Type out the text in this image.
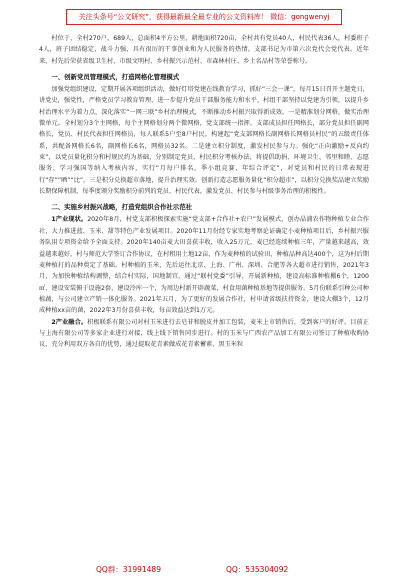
关注头条号“公文研究”，获得最新最全最专业的公文资料库！ 微信：gongwenyj

村位于，全村270户，689人，总面积4平方公里，耕地面积720亩，全村共有党员40人，村民代表36人，村委班子4人，班子团结稳定，战斗力强，具有很厉的干事创业和为人民服务的热情。支部书记为市第六次党代会党代表。近年来，村先后荣获省级卫生村、市级文明村、乡村振兴示范村、市森林村庄、乡土名品村等荣誉称号。

一、创新党员管理模式，打造网格化管理模式

加强党组织建设，定期开展各项组织活动，做好灯塔党建在线教育学习，抓好“三会一课”，每月15日召开主题党日，讲党史，强党性，严格党员学习教育管理，进一步提升党员干部服务能力和水平，村组干部坚持以党建为引领，以提升乡村治理水平为着力点，深化落实“一网三联”乡村治理模式，不断推动乡村振兴取得新成效。一是精准划分网格，做实治理微单元。全村划分3个主网格，每个主网格划分两个微网格，党支部统一指挥，支部成员担任网格长，部分党员担任副网格长，党员、村民代表担任网格员，每人联系5户至8户村民。构建起“党支部网格长副网格长网格员村民”的五级责任体系，共配备网格长6名，副网格长6名，网格员32名。二是建立积分制度，激发村民参与力。强化“正向激励+反向约束”，以党员量化积分和村规民约为基础，分别制定党员、村民积分考核办法，将提倡助捐、环境卫生、邻里和睦、志愿服务、学习强国等纳入考核内容，实行“月每户排名，季小组竞赛，年综合评定”，对党员和村民的日常表现进行“存”“晒”“比”。三是积分兑换超市落地，提升治理实效。创新打造志愿服务量化“积分超市”，以积分兑换奖品建立奖励长期保障机制，每季度颁分奖励积分前列的党员、村民代表，激发党员、村民参与村级事务治理的积极性。

二、实施乡村振兴战略，打造党组织合作社示范社

1产业现状。2020年8月，村党支部积极探索实施“党支部+合作社+农户”发展模式，创办晶浦农作物种植专业合作社，大力推进蓝、玉米、甜等特色产业发展项目。2020年11月份经专家实地考察论证确定小麦种植项目后，乡村振兴服务队用专项资金给予全面支持。2020年140亩麦大田喜获丰收，收入25万元，麦已经连续种植三年，产量越来越高，效益越来越好，村与师范大学签订合作协议，在村租用土地12亩，作为麦种植的试验田，种植品种高达400个，这为村后期麦种植打的品种奠定了基础。村种植的玉米，先后运往北京、上海、广州、深圳、合肥等各大超市进行销售，2021年3月，为加快种植结构调整，结合村实际，国地制宜，通过“联村党委”引导，开展新种植，建设高标准种植棚6个，1200㎡，建设安装俯于设施2套，建设冷库一个，为周边村新开辟蔬菜，村食用菌种植基地等提供服务。5月份联系引种公司种植蔬，与公司建立产销一体化服务。2021年五月，为了更好的发展合作社，村申请省级扶持资金，建设大棚3个，12月成种植xx亩的菌，2022年3月份喜获丰收，每亩效益达到1万元。

2产业融合。积极联系有限公司对村玉米进行去皂苷和脱皮并加工包装，麦米上市销售后，受到客户的好评。目前正与上海有限公司等多家企业进行对接，线上线下销售同步进行。村的玉米与广西农产品加工有限公司签订了种植收购协议，充分利用双方各自的优势，通过提取花青素做成花青素蓄素、黑玉米粒

QQ群：31991489	QQ：535304092
